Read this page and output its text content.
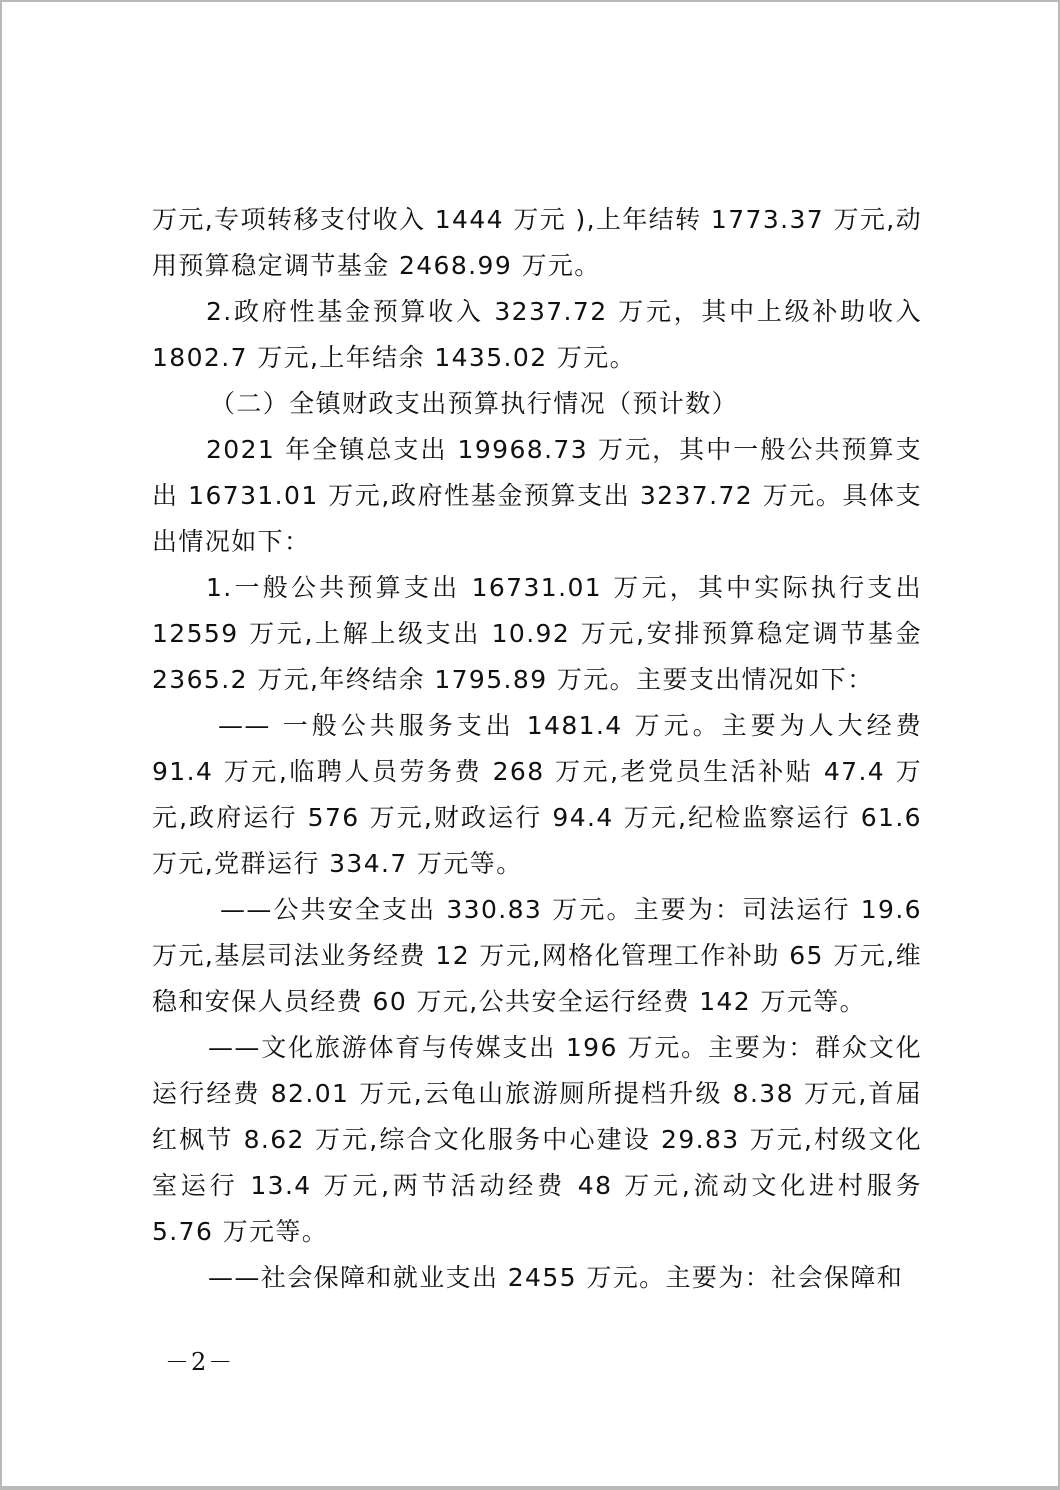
万元,专项转移支付收入 1444 万元 ),上年结转 1773.37 万元,动用预算稳定调节基金 2468.99 万元。

2.政府性基金预算收入 3237.72 万元，其中上级补助收入 1802.7 万元,上年结余 1435.02 万元。

（二）全镇财政支出预算执行情况（预计数）

2021 年全镇总支出 19968.73 万元，其中一般公共预算支出 16731.01 万元,政府性基金预算支出 3237.72 万元。具体支出情况如下：

1.一般公共预算支出 16731.01 万元，其中实际执行支出 12559 万元,上解上级支出 10.92 万元,安排预算稳定调节基金 2365.2 万元,年终结余 1795.89 万元。主要支出情况如下：

—— 一般公共服务支出 1481.4 万元。主要为人大经费 91.4 万元,临聘人员劳务费 268 万元,老党员生活补贴 47.4 万元,政府运行 576 万元,财政运行 94.4 万元,纪检监察运行 61.6 万元,党群运行 334.7 万元等。

——公共安全支出 330.83 万元。主要为：司法运行 19.6 万元,基层司法业务经费 12 万元,网格化管理工作补助 65 万元,维稳和安保人员经费 60 万元,公共安全运行经费 142 万元等。

——文化旅游体育与传媒支出 196 万元。主要为：群众文化运行经费 82.01 万元,云龟山旅游厕所提档升级 8.38 万元,首届红枫节 8.62 万元,综合文化服务中心建设 29.83 万元,村级文化室运行 13.4 万元,两节活动经费 48 万元,流动文化进村服务 5.76 万元等。

——社会保障和就业支出 2455 万元。主要为：社会保障和

－2－
